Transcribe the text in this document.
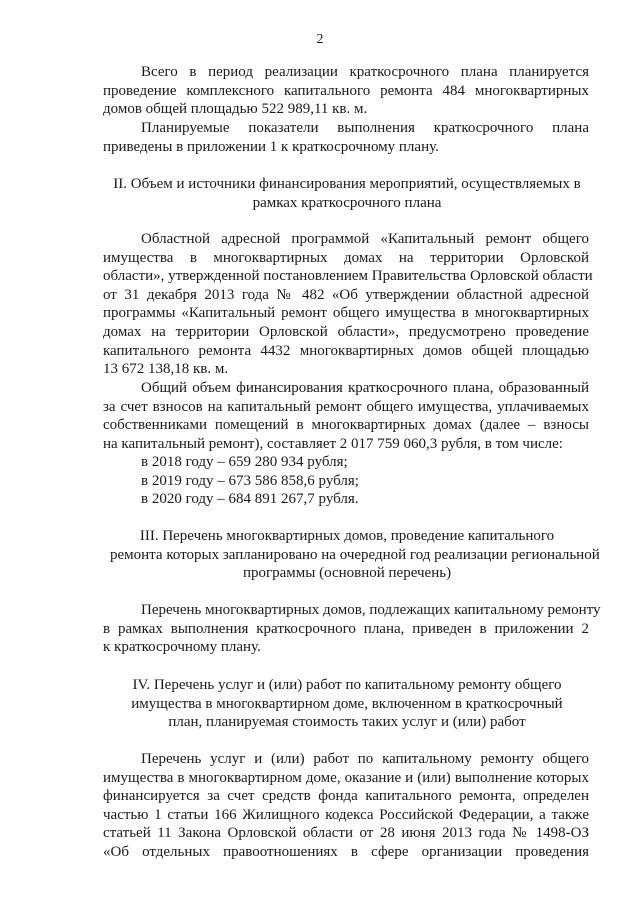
2
Всего в период реализации краткосрочного плана планируется
проведение комплексного капитального ремонта 484 многоквартирных
домов общей площадью 522 989,11 кв. м.
Планируемые показатели выполнения краткосрочного плана
приведены в приложении 1 к краткосрочному плану.
II. Объем и источники финансирования мероприятий, осуществляемых в
рамках краткосрочного плана
Областной адресной программой «Капитальный ремонт общего
имущества в многоквартирных домах на территории Орловской
области», утвержденной постановлением Правительства Орловской области
от 31 декабря 2013 года № 482 «Об утверждении областной адресной
программы «Капитальный ремонт общего имущества в многоквартирных
домах на территории Орловской области», предусмотрено проведение
капитального ремонта 4432 многоквартирных домов общей площадью
13 672 138,18 кв. м.
Общий объем финансирования краткосрочного плана, образованный
за счет взносов на капитальный ремонт общего имущества, уплачиваемых
собственниками помещений в многоквартирных домах (далее – взносы
на капитальный ремонт), составляет 2 017 759 060,3 рубля, в том числе:
в 2018 году – 659 280 934 рубля;
в 2019 году – 673 586 858,6 рубля;
в 2020 году – 684 891 267,7 рубля.
III. Перечень многоквартирных домов, проведение капитального
ремонта которых запланировано на очередной год реализации региональной
программы (основной перечень)
Перечень многоквартирных домов, подлежащих капитальному ремонту
в рамках выполнения краткосрочного плана, приведен в приложении 2
к краткосрочному плану.
IV. Перечень услуг и (или) работ по капитальному ремонту общего
имущества в многоквартирном доме, включенном в краткосрочный
план, планируемая стоимость таких услуг и (или) работ
Перечень услуг и (или) работ по капитальному ремонту общего
имущества в многоквартирном доме, оказание и (или) выполнение которых
финансируется за счет средств фонда капитального ремонта, определен
частью 1 статьи 166 Жилищного кодекса Российской Федерации, а также
статьей 11 Закона Орловской области от 28 июня 2013 года № 1498-ОЗ
«Об отдельных правоотношениях в сфере организации проведения
